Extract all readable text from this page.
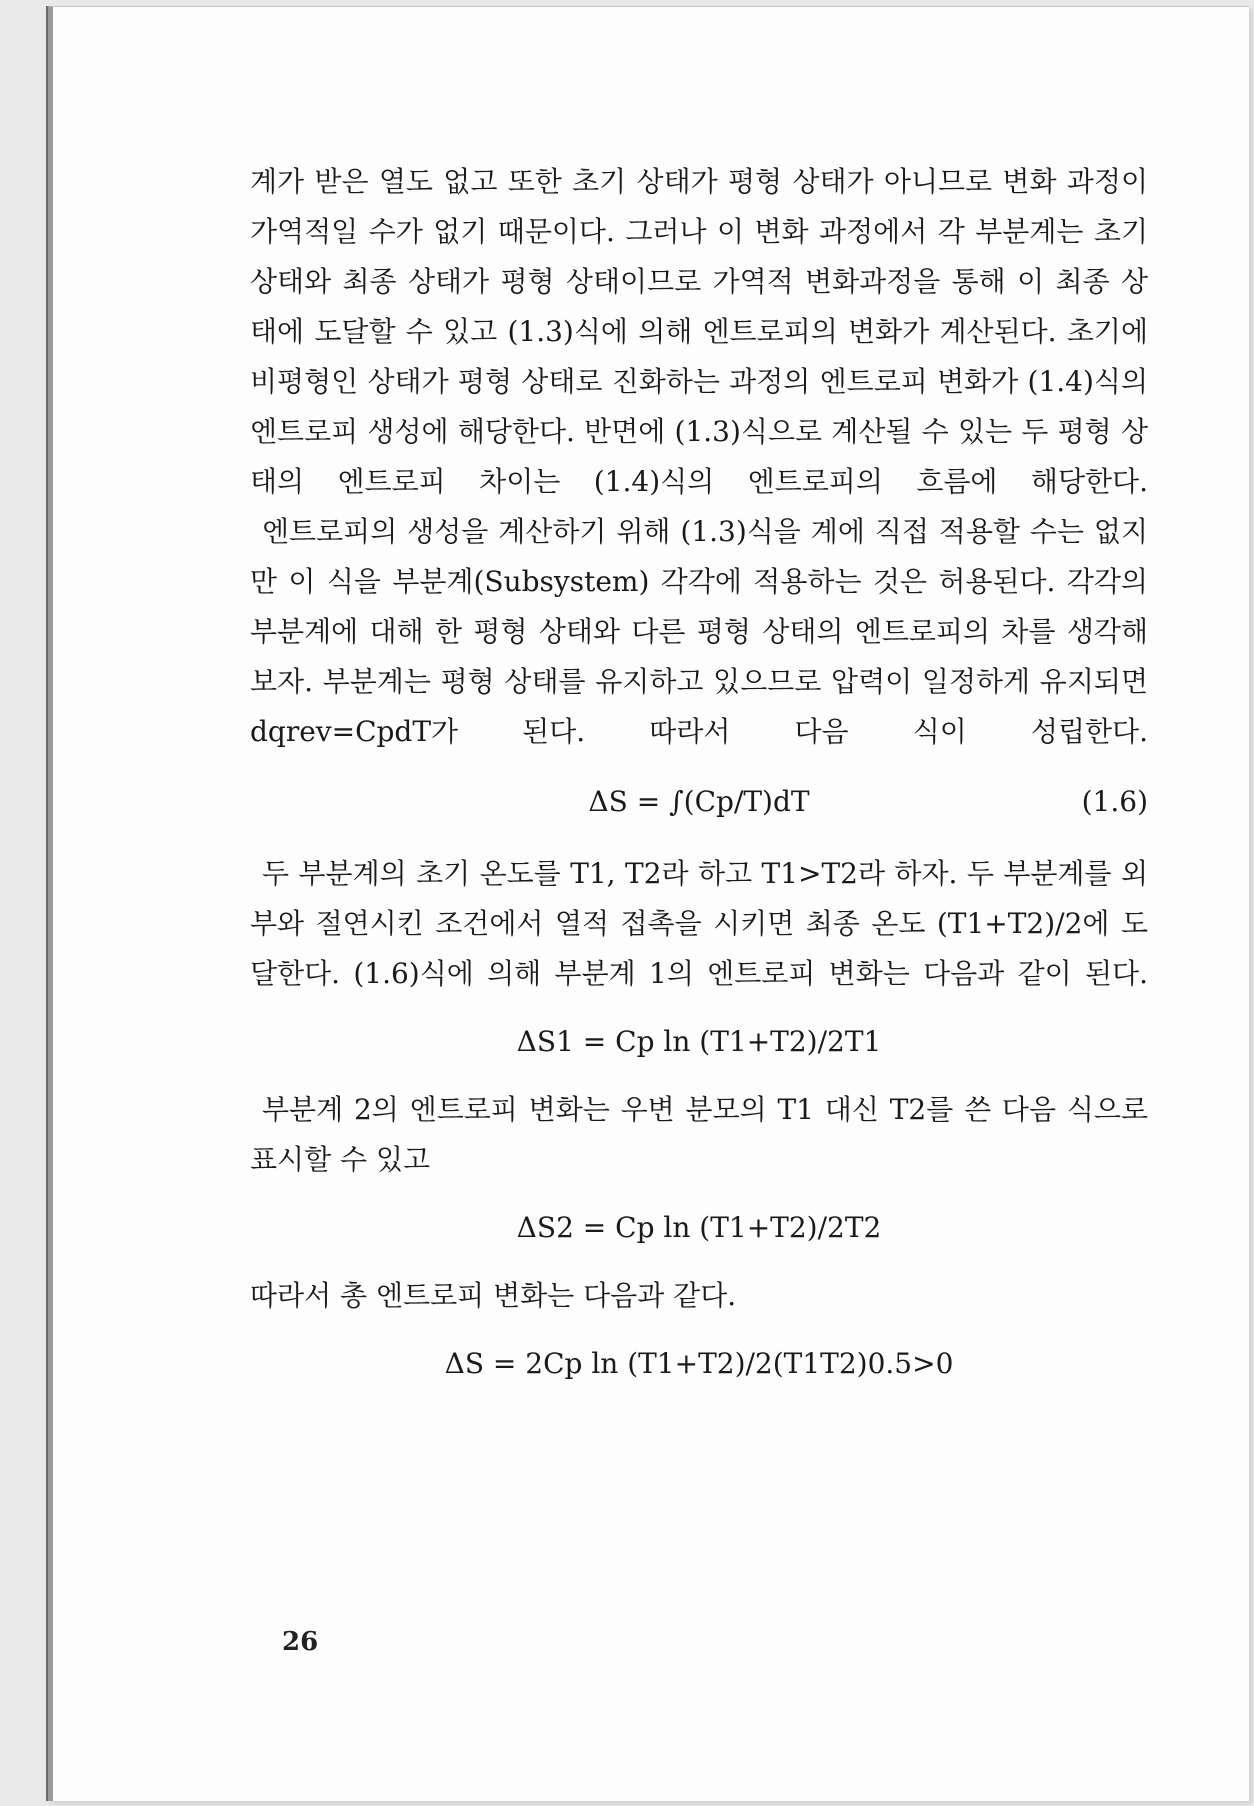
계가 받은 열도 없고 또한 초기 상태가 평형 상태가 아니므로 변화 과정이 가역적일 수가 없기 때문이다. 그러나 이 변화 과정에서 각 부분계는 초기 상태와 최종 상태가 평형 상태이므로 가역적 변화과정을 통해 이 최종 상태에 도달할 수 있고 (1.3)식에 의해 엔트로피의 변화가 계산된다. 초기에 비평형인 상태가 평형 상태로 진화하는 과정의 엔트로피 변화가 (1.4)식의 엔트로피 생성에 해당한다. 반면에 (1.3)식으로 계산될 수 있는 두 평형 상태의 엔트로피 차이는 (1.4)식의 엔트로피의 흐름에 해당한다.

엔트로피의 생성을 계산하기 위해 (1.3)식을 계에 직접 적용할 수는 없지만 이 식을 부분계(Subsystem) 각각에 적용하는 것은 허용된다. 각각의 부분계에 대해 한 평형 상태와 다른 평형 상태의 엔트로피의 차를 생각해 보자. 부분계는 평형 상태를 유지하고 있으므로 압력이 일정하게 유지되면 dqrev=CpdT가 된다. 따라서 다음 식이 성립한다.

ΔS = ∫(Cp/T)dT	(1.6)

두 부분계의 초기 온도를 T1, T2라 하고 T1>T2라 하자. 두 부분계를 외부와 절연시킨 조건에서 열적 접촉을 시키면 최종 온도 (T1+T2)/2에 도달한다. (1.6)식에 의해 부분계 1의 엔트로피 변화는 다음과 같이 된다.

ΔS1 = Cp ln (T1+T2)/2T1

부분계 2의 엔트로피 변화는 우변 분모의 T1 대신 T2를 쓴 다음 식으로 표시할 수 있고

ΔS2 = Cp ln (T1+T2)/2T2

따라서 총 엔트로피 변화는 다음과 같다.

ΔS = 2Cp ln (T1+T2)/2(T1T2)0.5>0
26
